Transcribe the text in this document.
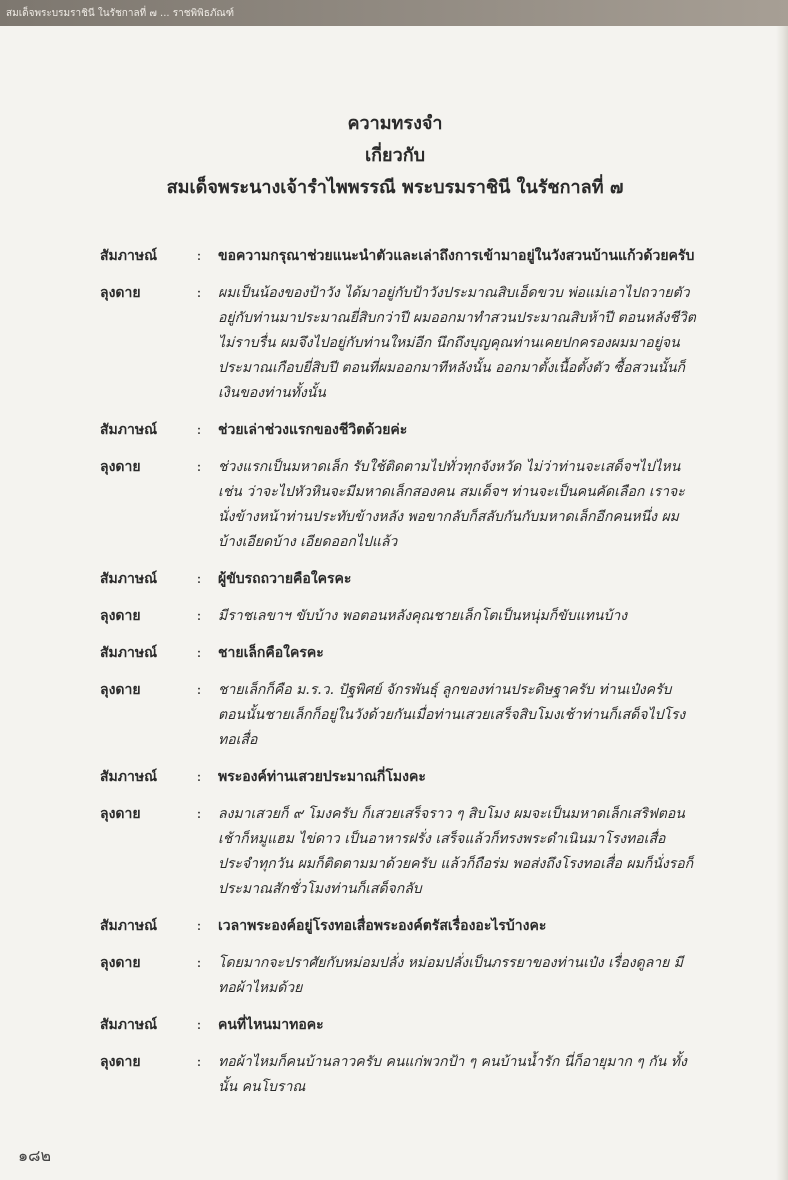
สมเด็จพระบรมราชินี ในรัชกาลที่ ๗ ... ราชพิพิธภัณฑ์
ความทรงจำ
เกี่ยวกับ
สมเด็จพระนางเจ้ารำไพพรรณี พระบรมราชินี ในรัชกาลที่ ๗
สัมภาษณ์	:	ขอความกรุณาช่วยแนะนำตัวและเล่าถึงการเข้ามาอยู่ในวังสวนบ้านแก้วด้วยครับ
ลุงดาย	:	ผมเป็นน้องของป้าวัง ได้มาอยู่กับป้าวังประมาณสิบเอ็ดขวบ พ่อแม่เอาไปถวายตัวอยู่กับท่านมาประมาณยี่สิบกว่าปี ผมออกมาทำสวนประมาณสิบห้าปี ตอนหลังชีวิตไม่ราบรื่น ผมจึงไปอยู่กับท่านใหม่อีก นึกถึงบุญคุณท่านเคยปกครองผมมาอยู่จนประมาณเกือบยี่สิบปี ตอนที่ผมออกมาทีหลังนั้น ออกมาตั้งเนื้อตั้งตัว ซื้อสวนนั้นก็เงินของท่านทั้งนั้น
สัมภาษณ์	:	ช่วยเล่าช่วงแรกของชีวิตด้วยค่ะ
ลุงดาย	:	ช่วงแรกเป็นมหาดเล็ก รับใช้ติดตามไปทั่วทุกจังหวัด ไม่ว่าท่านจะเสด็จฯไปไหน เช่น ว่าจะไปหัวหินจะมีมหาดเล็กสองคน สมเด็จฯ ท่านจะเป็นคนคัดเลือก เราจะนั่งข้างหน้าท่านประทับข้างหลัง พอขากลับก็สลับกันกับมหาดเล็กอีกคนหนึ่ง ผมบ้างเอียดบ้าง เอียดออกไปแล้ว
สัมภาษณ์	:	ผู้ขับรถถวายคือใครคะ
ลุงดาย	:	มีราชเลขาฯ ขับบ้าง พอตอนหลังคุณชายเล็กโตเป็นหนุ่มก็ขับแทนบ้าง
สัมภาษณ์	:	ชายเล็กคือใครคะ
ลุงดาย	:	ชายเล็กก็คือ ม.ร.ว. ปัฐพิศย์ จักรพันธุ์ ลูกของท่านประดิษฐาครับ ท่านเป๋งครับ ตอนนั้นชายเล็กก็อยู่ในวังด้วยกันเมื่อท่านเสวยเสร็จสิบโมงเช้าท่านก็เสด็จไปโรงทอเสื่อ
สัมภาษณ์	:	พระองค์ท่านเสวยประมาณกี่โมงคะ
ลุงดาย	:	ลงมาเสวยก็ ๙ โมงครับ ก็เสวยเสร็จราว ๆ สิบโมง ผมจะเป็นมหาดเล็กเสริฟตอนเช้าก็หมูแฮม ไข่ดาว เป็นอาหารฝรั่ง เสร็จแล้วก็ทรงพระดำเนินมาโรงทอเสื่อประจำทุกวัน ผมก็ติดตามมาด้วยครับ แล้วก็ถือร่ม พอส่งถึงโรงทอเสื่อ ผมก็นั่งรอก็ประมาณสักชั่วโมงท่านก็เสด็จกลับ
สัมภาษณ์	:	เวลาพระองค์อยู่โรงทอเสื่อพระองค์ตรัสเรื่องอะไรบ้างคะ
ลุงดาย	:	โดยมากจะปราศัยกับหม่อมปลั่ง หม่อมปลั่งเป็นภรรยาของท่านเป๋ง เรื่องดูลาย มีทอผ้าไหมด้วย
สัมภาษณ์	:	คนที่ไหนมาทอคะ
ลุงดาย	:	ทอผ้าไหมก็คนบ้านลาวครับ คนแก่พวกป้า ๆ คนบ้านน้ำรัก นี่ก็อายุมาก ๆ กัน ทั้งนั้น คนโบราณ
๑๘๒
